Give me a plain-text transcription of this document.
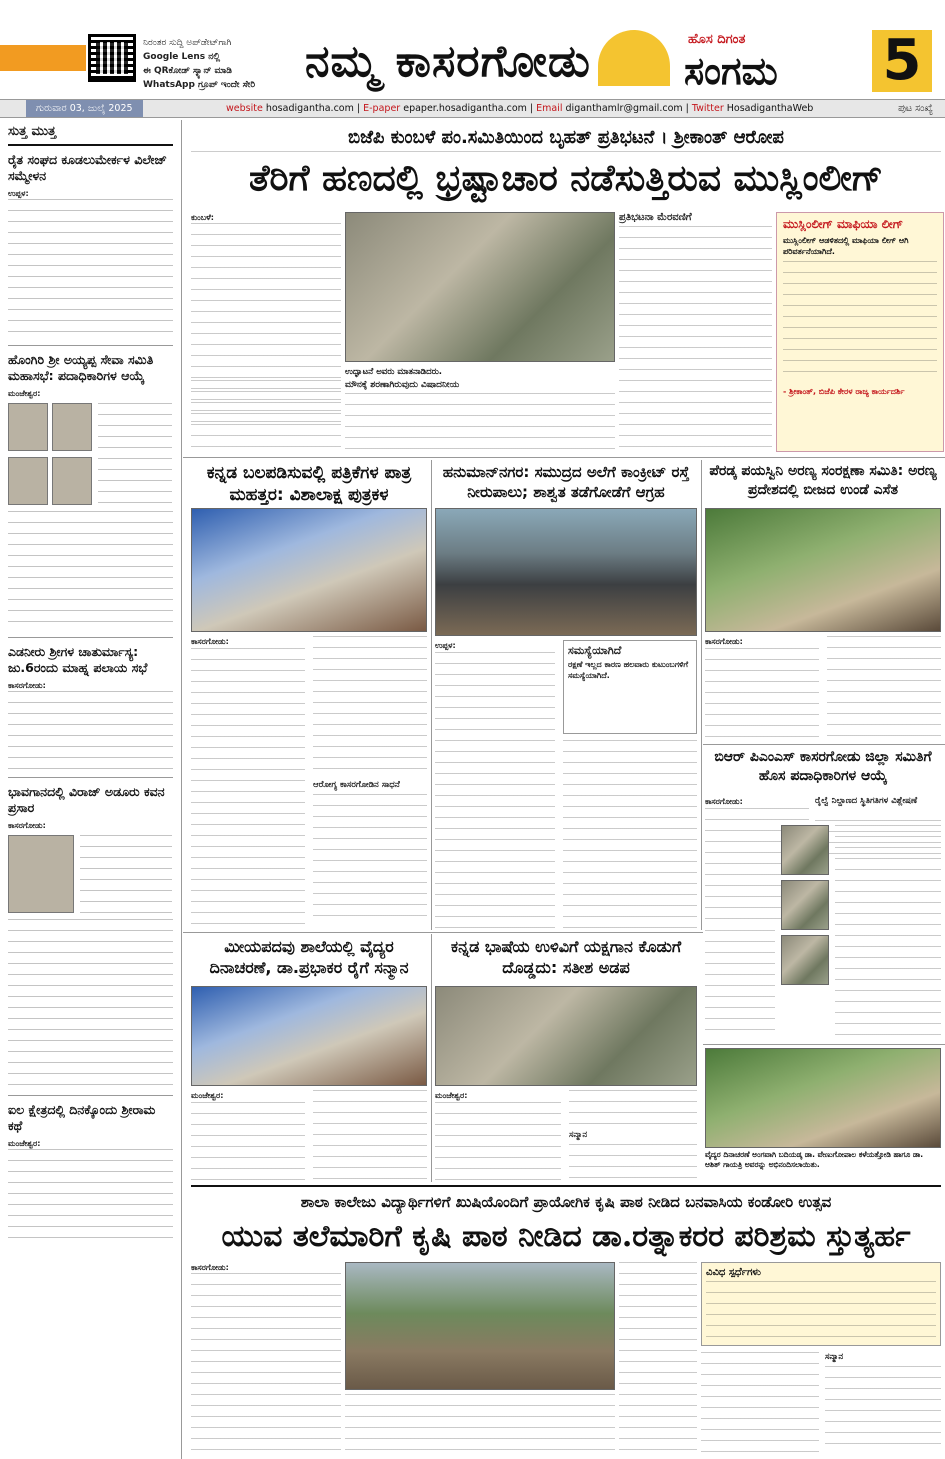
ನಿರಂತರ ಸುದ್ದಿ ಅಪ್‌ಡೇಟ್‌ಗಾಗಿ
Google Lens ನಲ್ಲಿ
ಈ QRಕೋಡ್ ಸ್ಕ್ಯಾನ್ ಮಾಡಿ
WhatsApp ಗ್ರೂಪ್ ಇಂದೇ ಸೇರಿ	ನಮ್ಮ ಕಾಸರಗೋಡು	ಹೊಸ ದಿಗಂತ
ಸಂಗಮ 5
ಗುರುವಾರ 03, ಜುಲೈ 2025	website hosadigantha.com | E-paper epaper.hosadigantha.com | Email diganthamlr@gmail.com | Twitter HosadiganthaWeb	ಪುಟ ಸಂಖ್ಯೆ
ಸುತ್ತ ಮುತ್ತ
ರೈತ ಸಂಘದ ಕೂಡಲುಮೇರ್ಕಳ ವಿಲೇಜ್ ಸಮ್ಮೇಳನ
ಉಪ್ಪಳ:
ಹೊಂಗಿರಿ ಶ್ರೀ ಅಯ್ಯಪ್ಪ ಸೇವಾ ಸಮಿತಿ ಮಹಾಸಭೆ: ಪದಾಧಿಕಾರಿಗಳ ಆಯ್ಕೆ
ಮಂಜೇಶ್ವರ:
ಎಡನೀರು ಶ್ರೀಗಳ ಚಾತುರ್ಮಾಸ್ಯ: ಜು.6ರಂದು ಮಾಹ್ನ ಪಲಾಯ ಸಭೆ
ಕಾಸರಗೋಡು:
ಭಾವಗಾನದಲ್ಲಿ ವಿರಾಜ್ ಅಡೂರು ಕವನ ಪ್ರಸಾರ
ಕಾಸರಗೋಡು:
ಐಲ ಕ್ಷೇತ್ರದಲ್ಲಿ ದಿನಕ್ಕೊಂದು ಶ್ರೀರಾಮ ಕಥೆ
ಮಂಜೇಶ್ವರ:
ಬಿಜೆಪಿ ಕುಂಬಳೆ ಪಂ.ಸಮಿತಿಯಿಂದ ಬೃಹತ್ ಪ್ರತಿಭಟನೆ । ಶ್ರೀಕಾಂತ್ ಆರೋಪ
ತೆರಿಗೆ ಹಣದಲ್ಲಿ ಭ್ರಷ್ಟಾಚಾರ ನಡೆಸುತ್ತಿರುವ ಮುಸ್ಲಿಂಲೀಗ್
ಕುಂಬಳೆ:
ಉದ್ಘಾಟನೆ ಅವರು ಮಾತನಾಡಿದರು.
ಪ್ರತಿಭಟನಾ ಮೆರವಣಿಗೆ
ಮೌನಕ್ಕೆ ಶರಣಾಗಿರುವುದು ವಿಷಾದನೀಯ
ಮುಸ್ಲಿಂಲೀಗ್ ಮಾಫಿಯಾ ಲೀಗ್
ಮುಸ್ಲಿಂಲೀಗ್ ಆಡಳಿತದಲ್ಲಿ ಮಾಫಿಯಾ ಲೀಗ್ ಆಗಿ ಪರಿವರ್ತನೆಯಾಗಿದೆ.
- ಶ್ರೀಕಾಂತ್, ಬಿಜೆಪಿ ಕೇರಳ ರಾಜ್ಯ ಕಾರ್ಯದರ್ಶಿ
ಕನ್ನಡ ಬಲಪಡಿಸುವಲ್ಲಿ ಪತ್ರಿಕೆಗಳ ಪಾತ್ರ ಮಹತ್ತರ: ವಿಶಾಲಾಕ್ಷ ಪುತ್ರಕಳ
ಕಾಸರಗೋಡು:
ಆರೋಗ್ಯ ಕಾಸರಗೋಡಿನ ಸಾಧನೆ
ಹನುಮಾನ್‌ನಗರ: ಸಮುದ್ರದ ಅಲೆಗೆ ಕಾಂಕ್ರೀಟ್ ರಸ್ತೆ ನೀರುಪಾಲು; ಶಾಶ್ವತ ತಡೆಗೋಡೆಗೆ ಆಗ್ರಹ
ಉಪ್ಪಳ:	ಸಮಸ್ಯೆಯಾಗಿದೆ
ರಕ್ಷಣೆ ಇಲ್ಲದ ಕಾರಣ ಹಲವಾರು ಕುಟುಂಬಗಳಿಗೆ ಸಮಸ್ಯೆಯಾಗಿದೆ.
ಪೆರಡ್ಕ ಪಯಸ್ವಿನಿ ಅರಣ್ಯ ಸಂರಕ್ಷಣಾ ಸಮಿತಿ: ಅರಣ್ಯ ಪ್ರದೇಶದಲ್ಲಿ ಬೀಜದ ಉಂಡೆ ಎಸೆತ
ಕಾಸರಗೋಡು:
ಬಿಆರ್ ಪಿಎಂಎಸ್ ಕಾಸರಗೋಡು ಜಿಲ್ಲಾ ಸಮಿತಿಗೆ ಹೊಸ ಪದಾಧಿಕಾರಿಗಳ ಆಯ್ಕೆ
ಕಾಸರಗೋಡು:	ರೈಲ್ವೆ ನಿಲ್ದಾಣದ ಸ್ಥಿತಿಗತಿಗಳ ವಿಶ್ಲೇಷಣೆ
ಮೀಯಪದವು ಶಾಲೆಯಲ್ಲಿ ವೈದ್ಯರ ದಿನಾಚರಣೆ, ಡಾ.ಪ್ರಭಾಕರ ರೈಗೆ ಸನ್ಮಾನ
ಮಂಜೇಶ್ವರ:
ಕನ್ನಡ ಭಾಷೆಯ ಉಳಿವಿಗೆ ಯಕ್ಷಗಾನ ಕೊಡುಗೆ ದೊಡ್ಡದು: ಸತೀಶ ಅಡಪ
ಮಂಜೇಶ್ವರ:
ಸನ್ಮಾನ
ವೈದ್ಯರ ದಿನಾಚರಣೆ ಅಂಗವಾಗಿ ಬದಿಯಡ್ಕ ಡಾ. ವೇಣುಗೋಪಾಲ ಕಳೆಯತ್ತೋಡಿ ಹಾಗೂ ಡಾ. ಆಶಿತ್ ಗಾಯತ್ರಿ ಅವರನ್ನು ಅಭಿನಂದಿಸಲಾಯಿತು.
ಶಾಲಾ ಕಾಲೇಜು ವಿದ್ಯಾರ್ಥಿಗಳಿಗೆ ಖುಷಿಯೊಂದಿಗೆ ಪ್ರಾಯೋಗಿಕ ಕೃಷಿ ಪಾಠ ನೀಡಿದ ಬನವಾಸಿಯ ಕಂಡೋರಿ ಉತ್ಸವ
ಯುವ ತಲೆಮಾರಿಗೆ ಕೃಷಿ ಪಾಠ ನೀಡಿದ ಡಾ.ರತ್ನಾಕರರ ಪರಿಶ್ರಮ ಸ್ತುತ್ಯರ್ಹ
ಕಾಸರಗೋಡು:	ವಿವಿಧ ಸ್ಪರ್ಧೆಗಳು
ಸನ್ಮಾನ
